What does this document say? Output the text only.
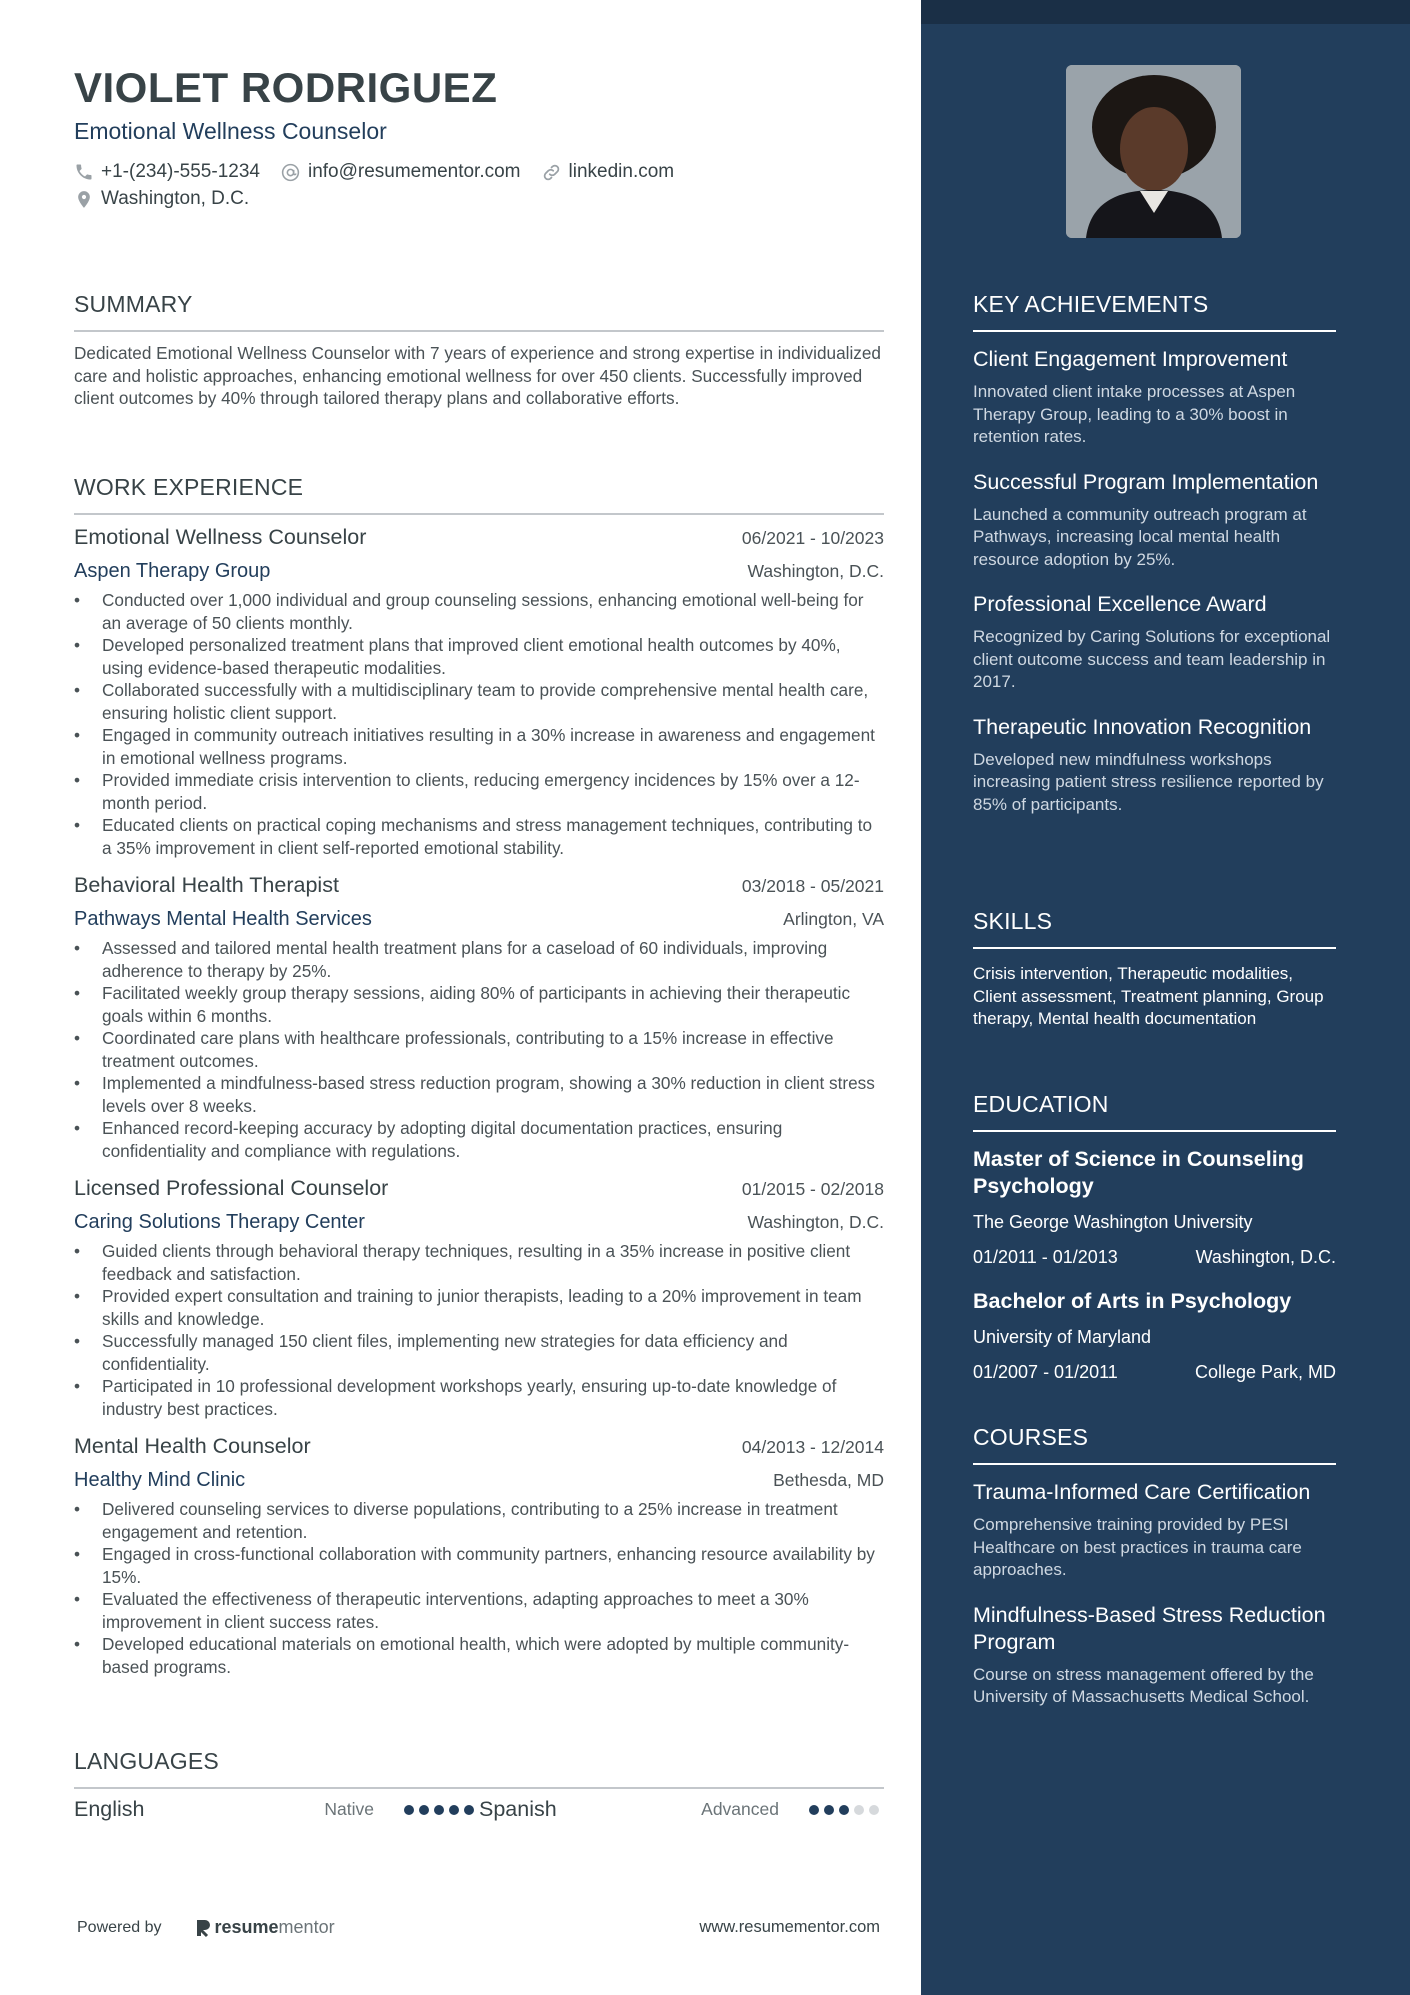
VIOLET RODRIGUEZ
Emotional Wellness Counselor
+1-(234)-555-1234	info@resumementor.com	linkedin.com
Washington, D.C.
SUMMARY
Dedicated Emotional Wellness Counselor with 7 years of experience and strong expertise in individualized care and holistic approaches, enhancing emotional wellness for over 450 clients. Successfully improved client outcomes by 40% through tailored therapy plans and collaborative efforts.
WORK EXPERIENCE
Emotional Wellness Counselor	06/2021 - 10/2023
Aspen Therapy Group	Washington, D.C.
• Conducted over 1,000 individual and group counseling sessions, enhancing emotional well-being for an average of 50 clients monthly.
• Developed personalized treatment plans that improved client emotional health outcomes by 40%, using evidence-based therapeutic modalities.
• Collaborated successfully with a multidisciplinary team to provide comprehensive mental health care, ensuring holistic client support.
• Engaged in community outreach initiatives resulting in a 30% increase in awareness and engagement in emotional wellness programs.
• Provided immediate crisis intervention to clients, reducing emergency incidences by 15% over a 12-month period.
• Educated clients on practical coping mechanisms and stress management techniques, contributing to a 35% improvement in client self-reported emotional stability.
Behavioral Health Therapist	03/2018 - 05/2021
Pathways Mental Health Services	Arlington, VA
• Assessed and tailored mental health treatment plans for a caseload of 60 individuals, improving adherence to therapy by 25%.
• Facilitated weekly group therapy sessions, aiding 80% of participants in achieving their therapeutic goals within 6 months.
• Coordinated care plans with healthcare professionals, contributing to a 15% increase in effective treatment outcomes.
• Implemented a mindfulness-based stress reduction program, showing a 30% reduction in client stress levels over 8 weeks.
• Enhanced record-keeping accuracy by adopting digital documentation practices, ensuring confidentiality and compliance with regulations.
Licensed Professional Counselor	01/2015 - 02/2018
Caring Solutions Therapy Center	Washington, D.C.
• Guided clients through behavioral therapy techniques, resulting in a 35% increase in positive client feedback and satisfaction.
• Provided expert consultation and training to junior therapists, leading to a 20% improvement in team skills and knowledge.
• Successfully managed 150 client files, implementing new strategies for data efficiency and confidentiality.
• Participated in 10 professional development workshops yearly, ensuring up-to-date knowledge of industry best practices.
Mental Health Counselor	04/2013 - 12/2014
Healthy Mind Clinic	Bethesda, MD
• Delivered counseling services to diverse populations, contributing to a 25% increase in treatment engagement and retention.
• Engaged in cross-functional collaboration with community partners, enhancing resource availability by 15%.
• Evaluated the effectiveness of therapeutic interventions, adapting approaches to meet a 30% improvement in client success rates.
• Developed educational materials on emotional health, which were adopted by multiple community-based programs.
LANGUAGES
English	Native	Spanish	Advanced
Powered by	resume mentor	www.resumementor.com
KEY ACHIEVEMENTS
Client Engagement Improvement
Innovated client intake processes at Aspen Therapy Group, leading to a 30% boost in retention rates.
Successful Program Implementation
Launched a community outreach program at Pathways, increasing local mental health resource adoption by 25%.
Professional Excellence Award
Recognized by Caring Solutions for exceptional client outcome success and team leadership in 2017.
Therapeutic Innovation Recognition
Developed new mindfulness workshops increasing patient stress resilience reported by 85% of participants.
SKILLS
Crisis intervention, Therapeutic modalities, Client assessment, Treatment planning, Group therapy, Mental health documentation
EDUCATION
Master of Science in Counseling Psychology
The George Washington University
01/2011 - 01/2013	Washington, D.C.
Bachelor of Arts in Psychology
University of Maryland
01/2007 - 01/2011	College Park, MD
COURSES
Trauma-Informed Care Certification
Comprehensive training provided by PESI Healthcare on best practices in trauma care approaches.
Mindfulness-Based Stress Reduction Program
Course on stress management offered by the University of Massachusetts Medical School.
